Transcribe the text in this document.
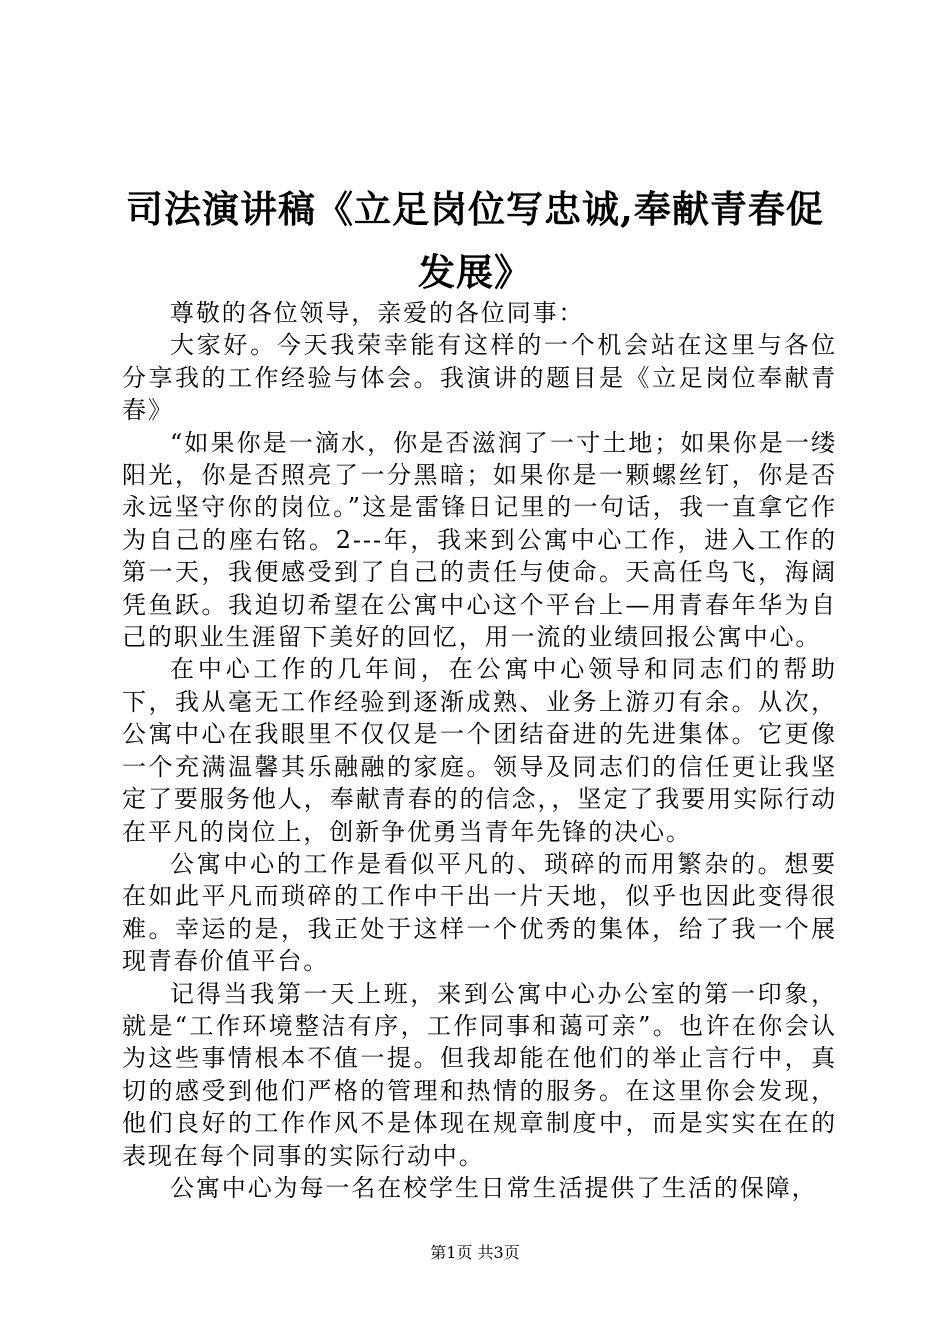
司法演讲稿《立足岗位写忠诚,奉献青春促发展》

尊敬的各位领导，亲爱的各位同事：

大家好。今天我荣幸能有这样的一个机会站在这里与各位分享我的工作经验与体会。我演讲的题目是《立足岗位奉献青春》

“如果你是一滴水，你是否滋润了一寸土地；如果你是一缕阳光，你是否照亮了一分黑暗；如果你是一颗螺丝钉，你是否永远坚守你的岗位。”这是雷锋日记里的一句话，我一直拿它作为自己的座右铭。2---年，我来到公寓中心工作，进入工作的第一天，我便感受到了自己的责任与使命。天高任鸟飞，海阔凭鱼跃。我迫切希望在公寓中心这个平台上—用青春年华为自己的职业生涯留下美好的回忆，用一流的业绩回报公寓中心。

在中心工作的几年间，在公寓中心领导和同志们的帮助下，我从毫无工作经验到逐渐成熟、业务上游刃有余。从次，公寓中心在我眼里不仅仅是一个团结奋进的先进集体。它更像一个充满温馨其乐融融的家庭。领导及同志们的信任更让我坚定了要服务他人，奉献青春的的信念，，坚定了我要用实际行动在平凡的岗位上，创新争优勇当青年先锋的决心。

公寓中心的工作是看似平凡的、琐碎的而用繁杂的。想要在如此平凡而琐碎的工作中干出一片天地，似乎也因此变得很难。幸运的是，我正处于这样一个优秀的集体，给了我一个展现青春价值平台。

记得当我第一天上班，来到公寓中心办公室的第一印象，就是“工作环境整洁有序，工作同事和蔼可亲”。也许在你会认为这些事情根本不值一提。但我却能在他们的举止言行中，真切的感受到他们严格的管理和热情的服务。在这里你会发现，他们良好的工作作风不是体现在规章制度中，而是实实在在的表现在每个同事的实际行动中。

公寓中心为每一名在校学生日常生活提供了生活的保障，

第1页 共3页
